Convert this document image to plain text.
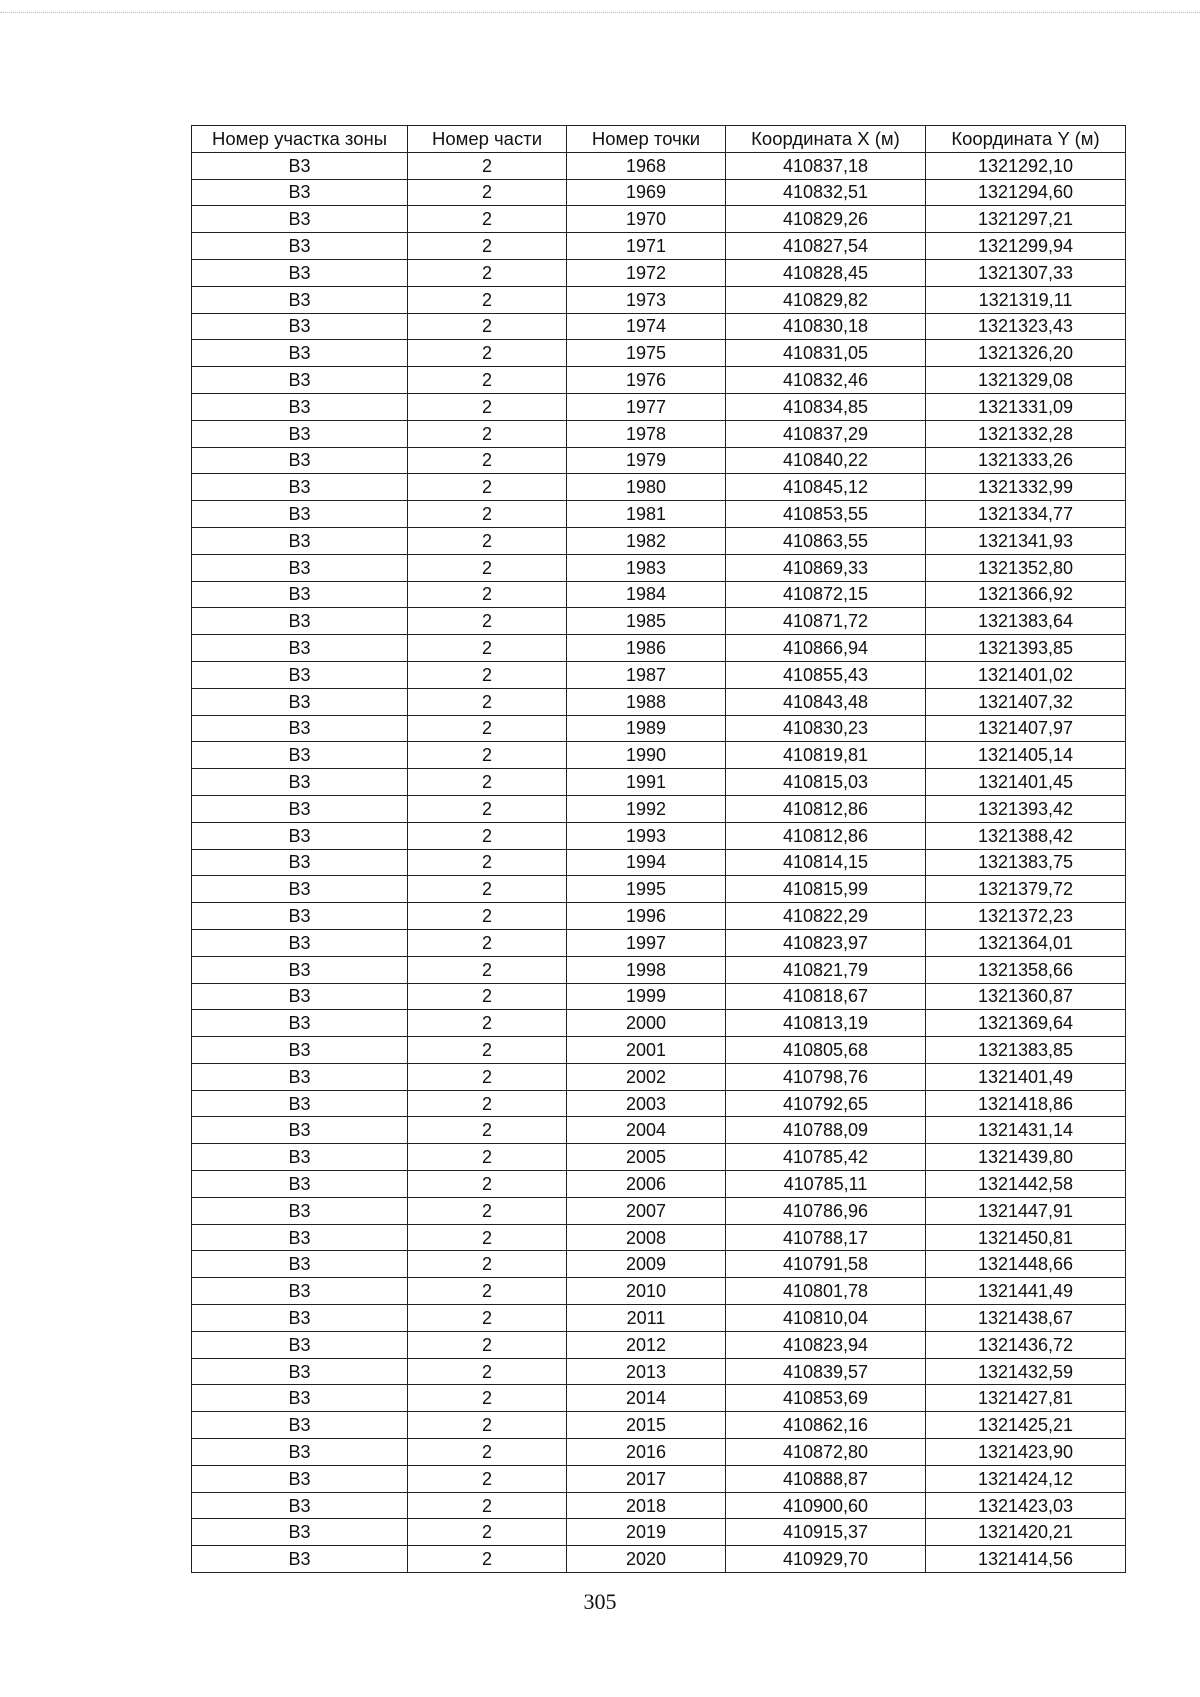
Номер участка зоны	Номер части	Номер точки	Координата X (м)	Координата Y (м)
В3	2	1968	410837,18	1321292,10
В3	2	1969	410832,51	1321294,60
В3	2	1970	410829,26	1321297,21
В3	2	1971	410827,54	1321299,94
В3	2	1972	410828,45	1321307,33
В3	2	1973	410829,82	1321319,11
В3	2	1974	410830,18	1321323,43
В3	2	1975	410831,05	1321326,20
В3	2	1976	410832,46	1321329,08
В3	2	1977	410834,85	1321331,09
В3	2	1978	410837,29	1321332,28
В3	2	1979	410840,22	1321333,26
В3	2	1980	410845,12	1321332,99
В3	2	1981	410853,55	1321334,77
В3	2	1982	410863,55	1321341,93
В3	2	1983	410869,33	1321352,80
В3	2	1984	410872,15	1321366,92
В3	2	1985	410871,72	1321383,64
В3	2	1986	410866,94	1321393,85
В3	2	1987	410855,43	1321401,02
В3	2	1988	410843,48	1321407,32
В3	2	1989	410830,23	1321407,97
В3	2	1990	410819,81	1321405,14
В3	2	1991	410815,03	1321401,45
В3	2	1992	410812,86	1321393,42
В3	2	1993	410812,86	1321388,42
В3	2	1994	410814,15	1321383,75
В3	2	1995	410815,99	1321379,72
В3	2	1996	410822,29	1321372,23
В3	2	1997	410823,97	1321364,01
В3	2	1998	410821,79	1321358,66
В3	2	1999	410818,67	1321360,87
В3	2	2000	410813,19	1321369,64
В3	2	2001	410805,68	1321383,85
В3	2	2002	410798,76	1321401,49
В3	2	2003	410792,65	1321418,86
В3	2	2004	410788,09	1321431,14
В3	2	2005	410785,42	1321439,80
В3	2	2006	410785,11	1321442,58
В3	2	2007	410786,96	1321447,91
В3	2	2008	410788,17	1321450,81
В3	2	2009	410791,58	1321448,66
В3	2	2010	410801,78	1321441,49
В3	2	2011	410810,04	1321438,67
В3	2	2012	410823,94	1321436,72
В3	2	2013	410839,57	1321432,59
В3	2	2014	410853,69	1321427,81
В3	2	2015	410862,16	1321425,21
В3	2	2016	410872,80	1321423,90
В3	2	2017	410888,87	1321424,12
В3	2	2018	410900,60	1321423,03
В3	2	2019	410915,37	1321420,21
В3	2	2020	410929,70	1321414,56
305
